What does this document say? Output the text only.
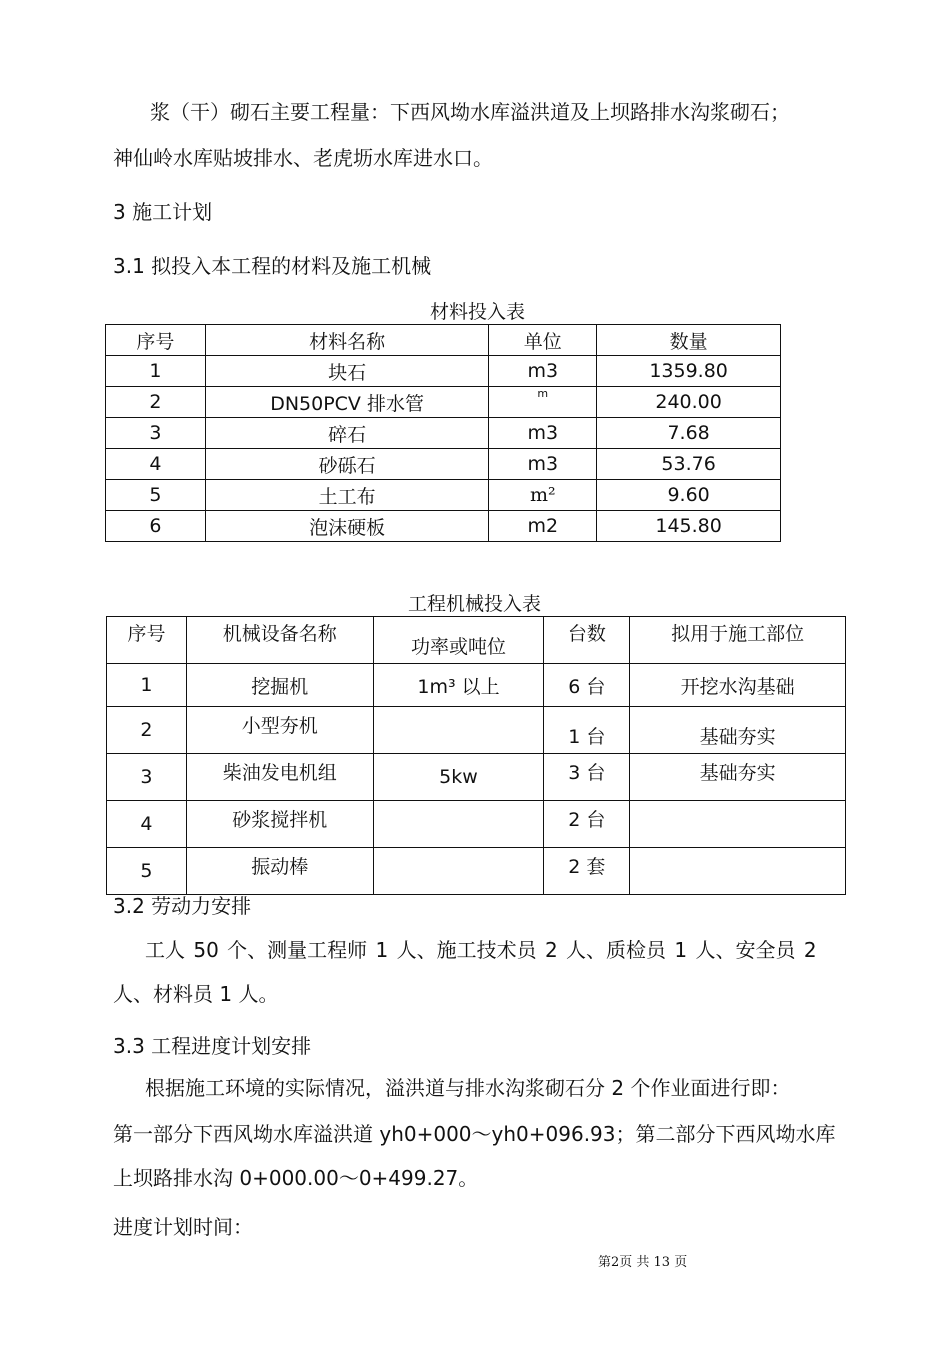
浆（干）砌石主要工程量：下西风坳水库溢洪道及上坝路排水沟浆砌石；
神仙岭水库贴坡排水、老虎坜水库进水口。
3 施工计划
3.1 拟投入本工程的材料及施工机械
材料投入表
序号	材料名称	单位	数量
1	块石	m3	1359.80
2	DN50PCV 排水管	m	240.00
3	碎石	m3	7.68
4	砂砾石	m3	53.76
5	土工布	m²	9.60
6	泡沫硬板	m2	145.80
工程机械投入表
序号	机械设备名称	功率或吨位	台数	拟用于施工部位
1	挖掘机	1m³ 以上	6 台	开挖水沟基础
2	小型夯机		1 台	基础夯实
3	柴油发电机组	5kw	3 台	基础夯实
4	砂浆搅拌机		2 台	
5	振动棒		2 套	
3.2 劳动力安排
工人 50 个、测量工程师 1 人、施工技术员 2 人、质检员 1 人、安全员 2
人、材料员 1 人。
3.3 工程进度计划安排
根据施工环境的实际情况，溢洪道与排水沟浆砌石分 2 个作业面进行即：
第一部分下西风坳水库溢洪道 yh0+000～yh0+096.93；第二部分下西风坳水库
上坝路排水沟 0+000.00～0+499.27。
进度计划时间：
第2页 共 13 页
